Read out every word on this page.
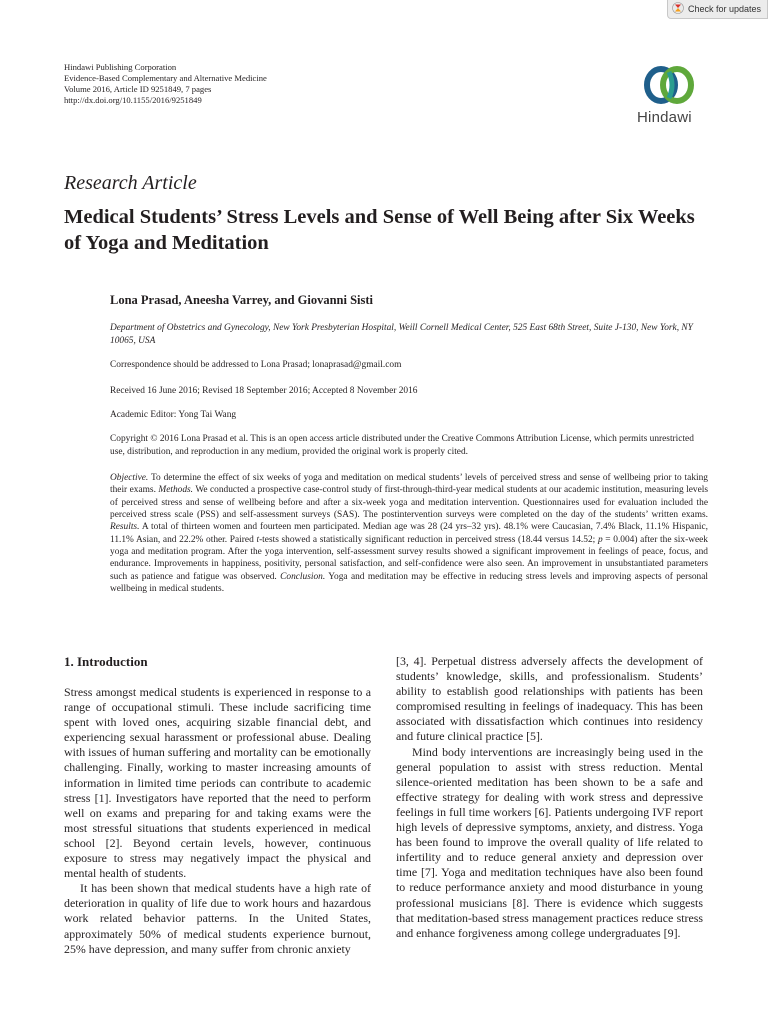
Check for updates
Hindawi Publishing Corporation
Evidence-Based Complementary and Alternative Medicine
Volume 2016, Article ID 9251849, 7 pages
http://dx.doi.org/10.1155/2016/9251849
Hindawi
Research Article
Medical Students’ Stress Levels and Sense of Well Being after Six Weeks of Yoga and Meditation
Lona Prasad, Aneesha Varrey, and Giovanni Sisti
Department of Obstetrics and Gynecology, New York Presbyterian Hospital, Weill Cornell Medical Center, 525 East 68th Street, Suite J-130, New York, NY 10065, USA
Correspondence should be addressed to Lona Prasad; lonaprasad@gmail.com
Received 16 June 2016; Revised 18 September 2016; Accepted 8 November 2016
Academic Editor: Yong Tai Wang
Copyright © 2016 Lona Prasad et al. This is an open access article distributed under the Creative Commons Attribution License, which permits unrestricted use, distribution, and reproduction in any medium, provided the original work is properly cited.
Objective. To determine the effect of six weeks of yoga and meditation on medical students’ levels of perceived stress and sense of wellbeing prior to taking their exams. Methods. We conducted a prospective case-control study of first-through-third-year medical students at our academic institution, measuring levels of perceived stress and sense of wellbeing before and after a six-week yoga and meditation intervention. Questionnaires used for evaluation included the perceived stress scale (PSS) and self-assessment surveys (SAS). The postintervention surveys were completed on the day of the students’ written exams. Results. A total of thirteen women and fourteen men participated. Median age was 28 (24 yrs–32 yrs). 48.1% were Caucasian, 7.4% Black, 11.1% Hispanic, 11.1% Asian, and 22.2% other. Paired t-tests showed a statistically significant reduction in perceived stress (18.44 versus 14.52; p = 0.004) after the six-week yoga and meditation program. After the yoga intervention, self-assessment survey results showed a significant improvement in feelings of peace, focus, and endurance. Improvements in happiness, positivity, personal satisfaction, and self-confidence were also seen. An improvement in unsubstantiated parameters such as patience and fatigue was observed. Conclusion. Yoga and meditation may be effective in reducing stress levels and improving aspects of personal wellbeing in medical students.
1. Introduction

Stress amongst medical students is experienced in response to a range of occupational stimuli. These include sacrificing time spent with loved ones, acquiring sizable financial debt, and experiencing sexual harassment or professional abuse. Dealing with issues of human suffering and mortality can be emotionally challenging. Finally, working to master increasing amounts of information in limited time periods can contribute to academic stress [1]. Investigators have reported that the need to perform well on exams and preparing for and taking exams were the most stressful situations that students experienced in medical school [2]. Beyond certain levels, however, continuous exposure to stress may negatively impact the physical and mental health of students.

It has been shown that medical students have a high rate of deterioration in quality of life due to work hours and hazardous work related behavior patterns. In the United States, approximately 50% of medical students experience burnout, 25% have depression, and many suffer from chronic anxiety

[3, 4]. Perpetual distress adversely affects the development of students’ knowledge, skills, and professionalism. Students’ ability to establish good relationships with patients has been compromised resulting in feelings of inadequacy. This has been associated with dissatisfaction which continues into residency and future clinical practice [5].

Mind body interventions are increasingly being used in the general population to assist with stress reduction. Mental silence-oriented meditation has been shown to be a safe and effective strategy for dealing with work stress and depressive feelings in full time workers [6]. Patients undergoing IVF report high levels of depressive symptoms, anxiety, and distress. Yoga has been found to improve the overall quality of life related to infertility and to reduce general anxiety and depression over time [7]. Yoga and meditation techniques have also been found to reduce performance anxiety and mood disturbance in young professional musicians [8]. There is evidence which suggests that meditation-based stress management practices reduce stress and enhance forgiveness among college undergraduates [9].
